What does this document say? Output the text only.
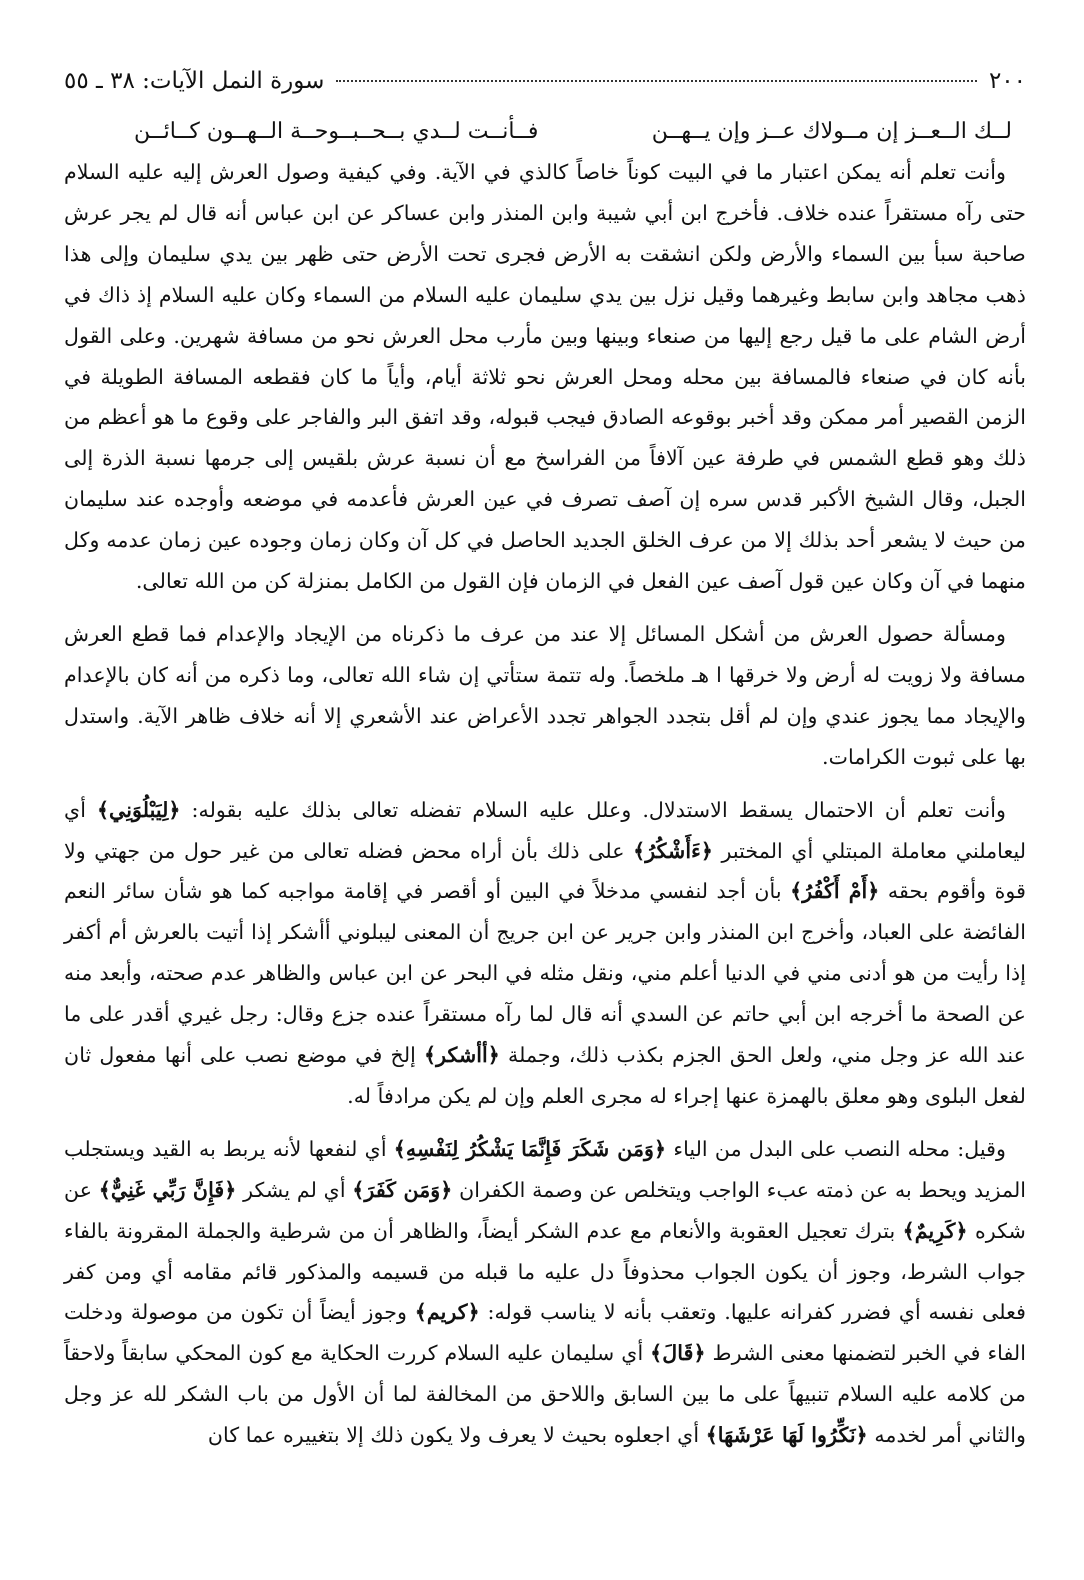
٢٠٠
سورة النمل الآيات: ٣٨ ـ ٥٥
لــك الــعــز إن مــولاك عــز وإن يــهــن
فــأنــت لــدي بــحــبــوحــة الــهــون كــائــن

وأنت تعلم أنه يمكن اعتبار ما في البيت كوناً خاصاً كالذي في الآية. وفي كيفية وصول العرش إليه عليه السلام حتى رآه مستقراً عنده خلاف. فأخرج ابن أبي شيبة وابن المنذر وابن عساكر عن ابن عباس أنه قال لم يجر عرش صاحبة سبأ بين السماء والأرض ولكن انشقت به الأرض فجرى تحت الأرض حتى ظهر بين يدي سليمان وإلى هذا ذهب مجاهد وابن سابط وغيرهما وقيل نزل بين يدي سليمان عليه السلام من السماء وكان عليه السلام إذ ذاك في أرض الشام على ما قيل رجع إليها من صنعاء وبينها وبين مأرب محل العرش نحو من مسافة شهرين. وعلى القول بأنه كان في صنعاء فالمسافة بين محله ومحل العرش نحو ثلاثة أيام، وأياً ما كان فقطعه المسافة الطويلة في الزمن القصير أمر ممكن وقد أخبر بوقوعه الصادق فيجب قبوله، وقد اتفق البر والفاجر على وقوع ما هو أعظم من ذلك وهو قطع الشمس في طرفة عين آلافاً من الفراسخ مع أن نسبة عرش بلقيس إلى جرمها نسبة الذرة إلى الجبل، وقال الشيخ الأكبر قدس سره إن آصف تصرف في عين العرش فأعدمه في موضعه وأوجده عند سليمان من حيث لا يشعر أحد بذلك إلا من عرف الخلق الجديد الحاصل في كل آن وكان زمان وجوده عين زمان عدمه وكل منهما في آن وكان عين قول آصف عين الفعل في الزمان فإن القول من الكامل بمنزلة كن من الله تعالى.

ومسألة حصول العرش من أشكل المسائل إلا عند من عرف ما ذكرناه من الإيجاد والإعدام فما قطع العرش مسافة ولا زويت له أرض ولا خرقها ا هـ ملخصاً. وله تتمة ستأتي إن شاء الله تعالى، وما ذكره من أنه كان بالإعدام والإيجاد مما يجوز عندي وإن لم أقل بتجدد الجواهر تجدد الأعراض عند الأشعري إلا أنه خلاف ظاهر الآية. واستدل بها على ثبوت الكرامات.

وأنت تعلم أن الاحتمال يسقط الاستدلال. وعلل عليه السلام تفضله تعالى بذلك عليه بقوله: ﴿لِيَبْلُوَنِي﴾ أي ليعاملني معاملة المبتلي أي المختبر ﴿ءَأَشْكُرُ﴾ على ذلك بأن أراه محض فضله تعالى من غير حول من جهتي ولا قوة وأقوم بحقه ﴿أَمْ أَكْفُرُ﴾ بأن أجد لنفسي مدخلاً في البين أو أقصر في إقامة مواجبه كما هو شأن سائر النعم الفائضة على العباد، وأخرج ابن المنذر وابن جرير عن ابن جريج أن المعنى ليبلوني أأشكر إذا أتيت بالعرش أم أكفر إذا رأيت من هو أدنى مني في الدنيا أعلم مني، ونقل مثله في البحر عن ابن عباس والظاهر عدم صحته، وأبعد منه عن الصحة ما أخرجه ابن أبي حاتم عن السدي أنه قال لما رآه مستقراً عنده جزع وقال: رجل غيري أقدر على ما عند الله عز وجل مني، ولعل الحق الجزم بكذب ذلك، وجملة ﴿أأشكر﴾ إلخ في موضع نصب على أنها مفعول ثان لفعل البلوى وهو معلق بالهمزة عنها إجراء له مجرى العلم وإن لم يكن مرادفاً له.

وقيل: محله النصب على البدل من الياء ﴿وَمَن شَكَرَ فَإِنَّمَا يَشْكُرُ لِنَفْسِهِ﴾ أي لنفعها لأنه يربط به القيد ويستجلب المزيد ويحط به عن ذمته عبء الواجب ويتخلص عن وصمة الكفران ﴿وَمَن كَفَرَ﴾ أي لم يشكر ﴿فَإِنَّ رَبِّي غَنِيٌّ﴾ عن شكره ﴿كَرِيمٌ﴾ بترك تعجيل العقوبة والأنعام مع عدم الشكر أيضاً، والظاهر أن من شرطية والجملة المقرونة بالفاء جواب الشرط، وجوز أن يكون الجواب محذوفاً دل عليه ما قبله من قسيمه والمذكور قائم مقامه أي ومن كفر فعلى نفسه أي فضرر كفرانه عليها. وتعقب بأنه لا يناسب قوله: ﴿كريم﴾ وجوز أيضاً أن تكون من موصولة ودخلت الفاء في الخبر لتضمنها معنى الشرط ﴿قَالَ﴾ أي سليمان عليه السلام كررت الحكاية مع كون المحكي سابقاً ولاحقاً من كلامه عليه السلام تنبيهاً على ما بين السابق واللاحق من المخالفة لما أن الأول من باب الشكر لله عز وجل والثاني أمر لخدمه ﴿نَكِّرُوا لَهَا عَرْشَهَا﴾ أي اجعلوه بحيث لا يعرف ولا يكون ذلك إلا بتغييره عما كان
